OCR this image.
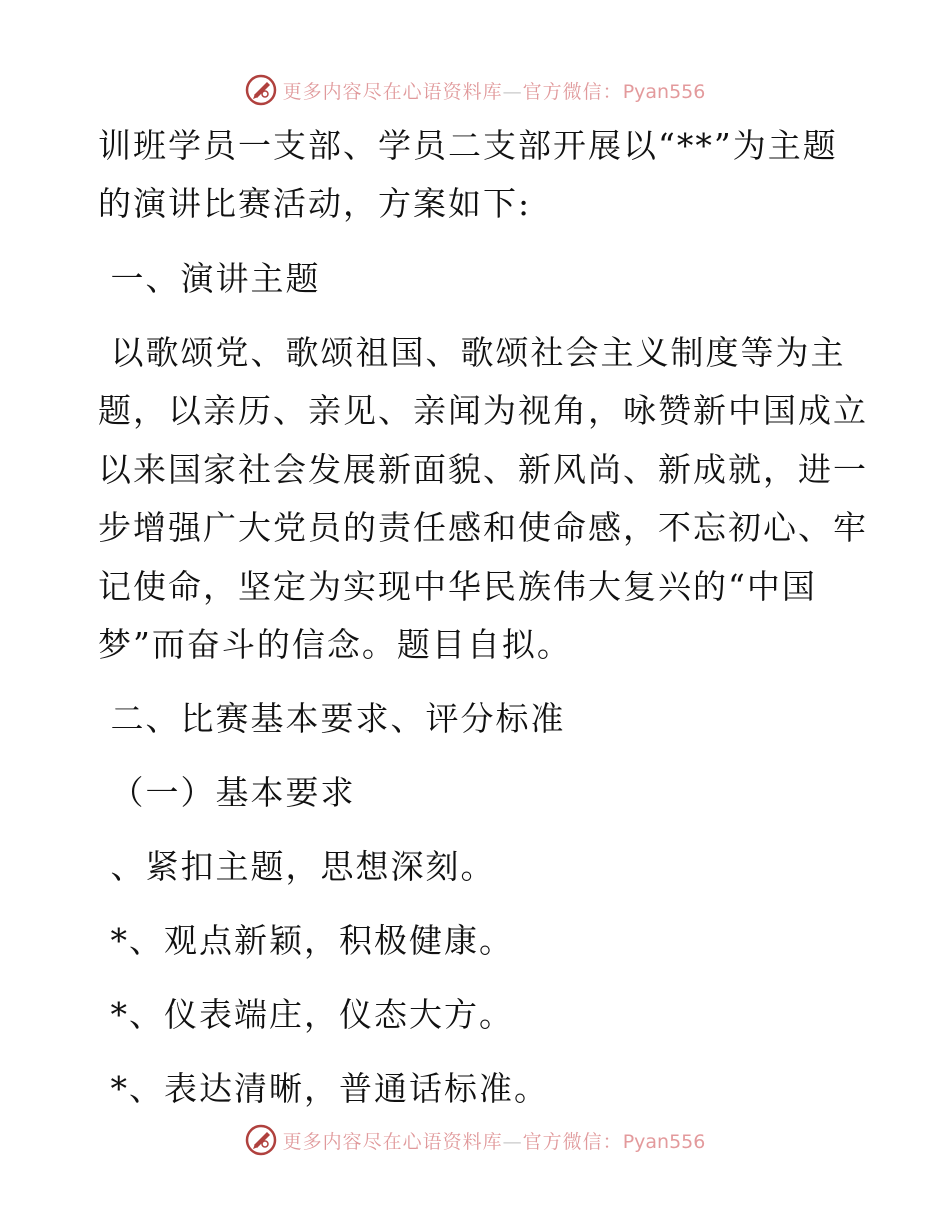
更多内容尽在心语资料库—官方微信：Pyan556
训班学员一支部、学员二支部开展以“**”为主题
的演讲比赛活动，方案如下:
一、演讲主题
以歌颂党、歌颂祖国、歌颂社会主义制度等为主
题，以亲历、亲见、亲闻为视角，咏赞新中国成立
以来国家社会发展新面貌、新风尚、新成就，进一
步增强广大党员的责任感和使命感，不忘初心、牢
记使命，坚定为实现中华民族伟大复兴的“中国
梦”而奋斗的信念。题目自拟。
二、比赛基本要求、评分标准
（一）基本要求
、紧扣主题，思想深刻。
*、观点新颖，积极健康。
*、仪表端庄，仪态大方。
*、表达清晰，普通话标准。
更多内容尽在心语资料库—官方微信：Pyan556
